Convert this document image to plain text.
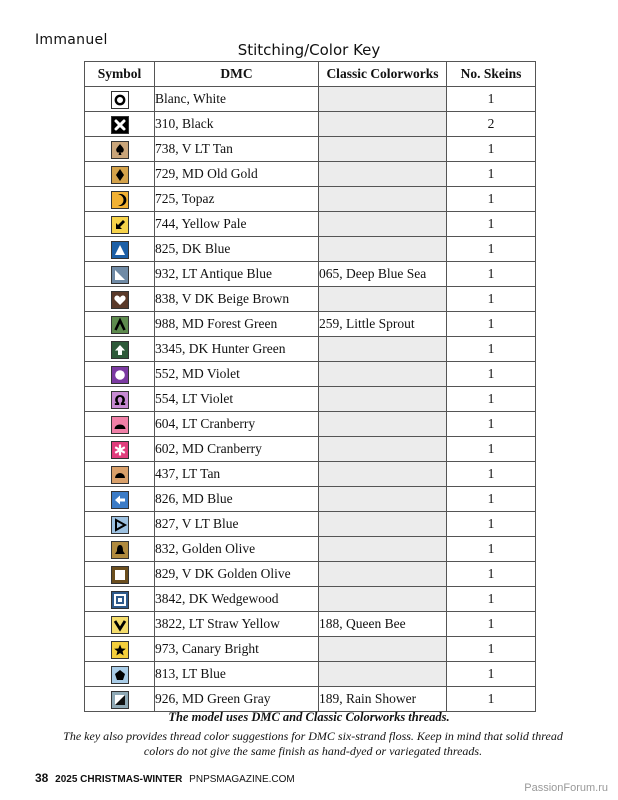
Immanuel
Stitching/Color Key
Symbol	DMC	Classic Colorworks	No. Skeins

	Blanc, White		1

	310, Black		2

	738, V LT Tan		1

	729, MD Old Gold		1

	725, Topaz		1

	744, Yellow Pale		1

	825, DK Blue		1

	932, LT Antique Blue	065, Deep Blue Sea	1

	838, V DK Beige Brown		1

	988, MD Forest Green	259, Little Sprout	1

	3345, DK Hunter Green		1

	552, MD Violet		1

Ω	554, LT Violet		1

	604, LT Cranberry		1

	602, MD Cranberry		1

	437, LT Tan		1

	826, MD Blue		1

	827, V LT Blue		1

	832, Golden Olive		1

	829, V DK Golden Olive		1

	3842, DK Wedgewood		1

	3822, LT Straw Yellow	188, Queen Bee	1

	973, Canary Bright		1

	813, LT Blue		1

	926, MD Green Gray	189, Rain Shower	1
The model uses DMC and Classic Colorworks threads.
The key also provides thread color suggestions for DMC six-strand floss. Keep in mind that solid thread colors do not give the same finish as hand-dyed or variegated threads.
38 2025 CHRISTMAS-WINTER PNPSMAGAZINE.COM
PassionForum.ru
